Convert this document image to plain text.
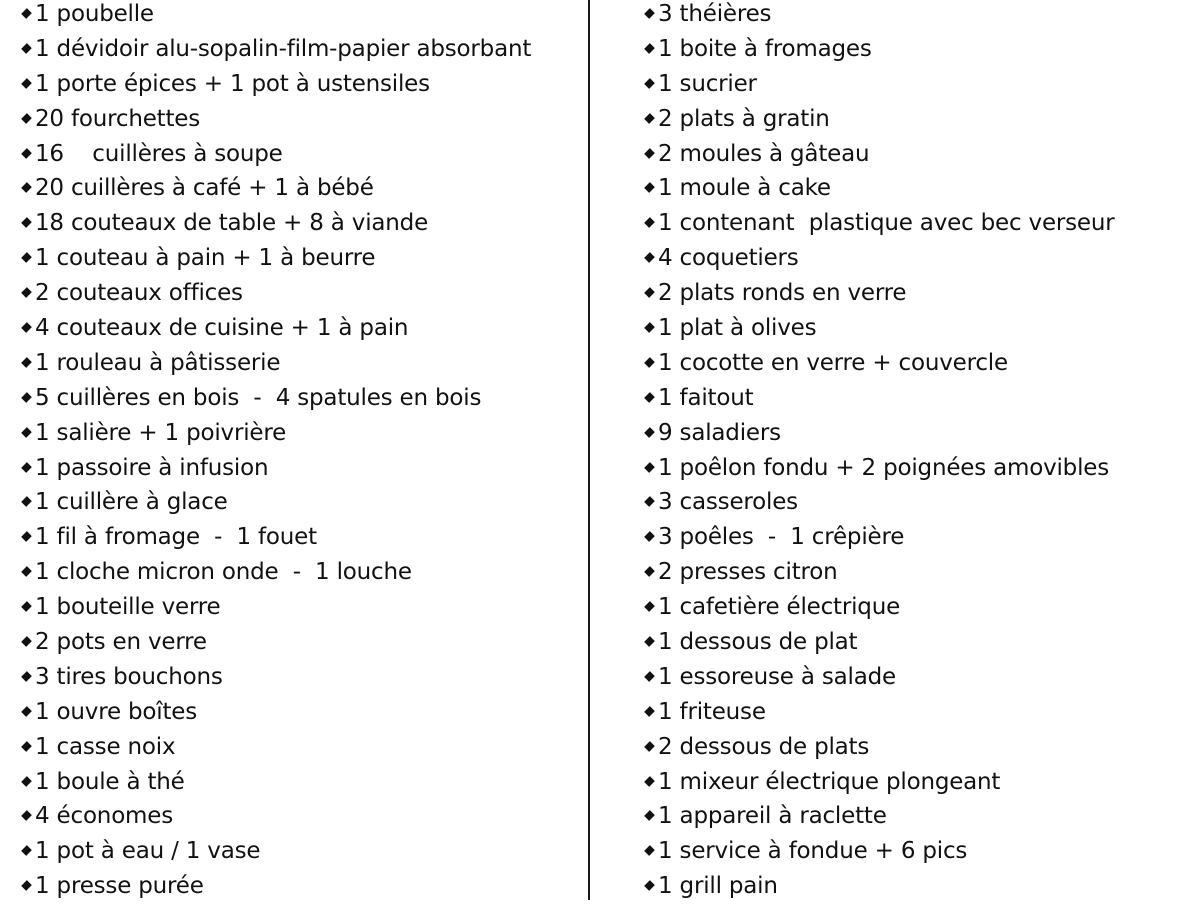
1 poubelle
1 dévidoir alu-sopalin-film-papier absorbant
1 porte épices + 1 pot à ustensiles
20 fourchettes
16    cuillères à soupe
20 cuillères à café + 1 à bébé
18 couteaux de table + 8 à viande
1 couteau à pain + 1 à beurre
2 couteaux offices
4 couteaux de cuisine + 1 à pain
1 rouleau à pâtisserie
5 cuillères en bois  -  4 spatules en bois
1 salière + 1 poivrière
1 passoire à infusion
1 cuillère à glace
1 fil à fromage  -  1 fouet
1 cloche micron onde  -  1 louche
1 bouteille verre
2 pots en verre
3 tires bouchons
1 ouvre boîtes
1 casse noix
1 boule à thé
4 économes
1 pot à eau / 1 vase
1 presse purée
3 théières
1 boite à fromages
1 sucrier
2 plats à gratin
2 moules à gâteau
1 moule à cake
1 contenant  plastique avec bec verseur
4 coquetiers
2 plats ronds en verre
1 plat à olives
1 cocotte en verre + couvercle
1 faitout
9 saladiers
1 poêlon fondu + 2 poignées amovibles
3 casseroles
3 poêles  -  1 crêpière
2 presses citron
1 cafetière électrique
1 dessous de plat
1 essoreuse à salade
1 friteuse
2 dessous de plats
1 mixeur électrique plongeant
1 appareil à raclette
1 service à fondue + 6 pics
1 grill pain
